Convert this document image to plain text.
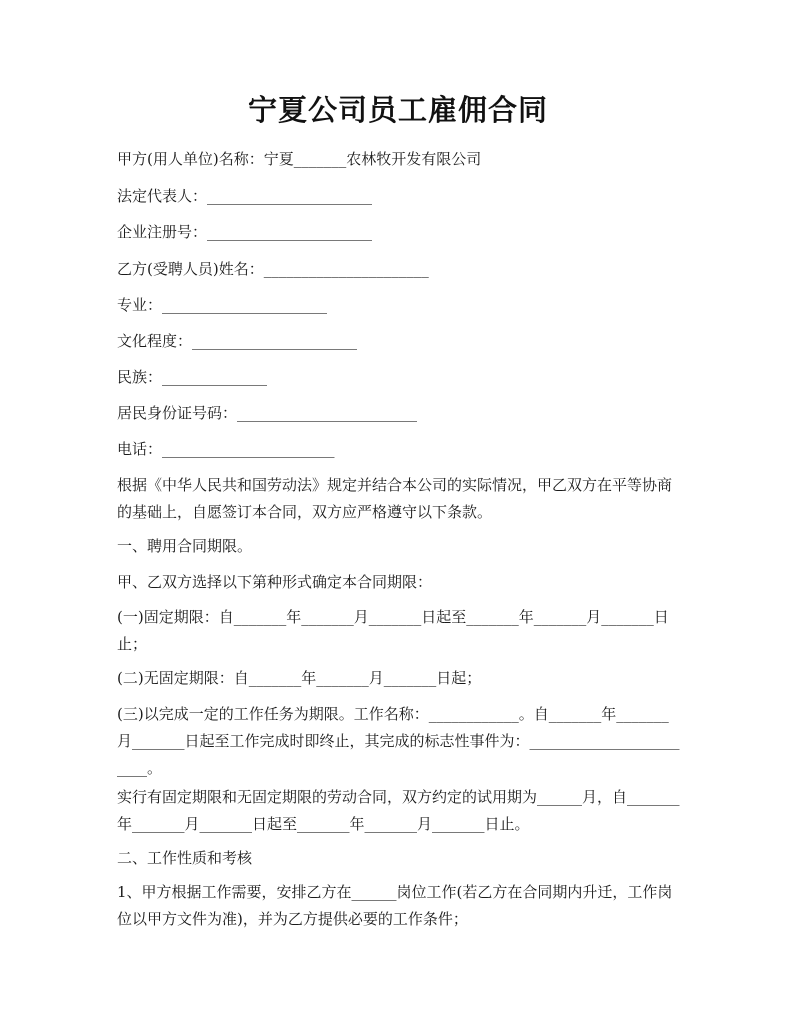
宁夏公司员工雇佣合同
甲方(用人单位)名称：宁夏_______农林牧开发有限公司
法定代表人：______________________
企业注册号：______________________
乙方(受聘人员)姓名：______________________
专业：______________________
文化程度：______________________
民族：______________
居民身份证号码：________________________
电话：_______________________
根据《中华人民共和国劳动法》规定并结合本公司的实际情况，甲乙双方在平等协商的基础上，自愿签订本合同，双方应严格遵守以下条款。
一、聘用合同期限。
甲、乙双方选择以下第种形式确定本合同期限：
(一)固定期限：自_______年_______月_______日起至_______年_______月_______日止；
(二)无固定期限：自_______年_______月_______日起；
(三)以完成一定的工作任务为期限。工作名称：____________。自_______年_______月_______日起至工作完成时即终止，其完成的标志性事件为：________________________。
实行有固定期限和无固定期限的劳动合同，双方约定的试用期为______月，自_______年_______月_______日起至_______年_______月_______日止。
二、工作性质和考核
1、甲方根据工作需要，安排乙方在______岗位工作(若乙方在合同期内升迁，工作岗位以甲方文件为准)，并为乙方提供必要的工作条件；
